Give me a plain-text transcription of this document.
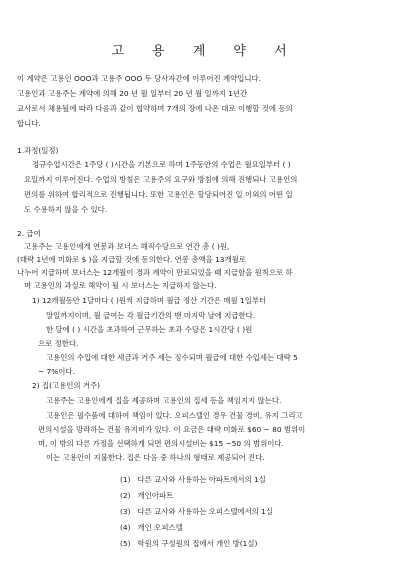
고 용 계 약 서
이 계약은 고용인 OOO과 고용주 OOO 두 당사자간에 이루어진 계약입니다.
고용인과 고용주는 계약에 의해 20 년 월 일부터 20 년 월 일까지 1년간
교사로서 채용될에 따라 다음과 같이 협약하며 7개의 장에 나온 대로 이행할 것에 동의
합니다.
1.과정(일정)
정규수업시간은 1주당 ( )시간을 기본으로 하며 1주동안의 수업은 월요일부터 ( )
요일까지 이루어진다. 수업의 방침은 고용주의 요구와 방침에 의해 진행되나 고용인의
편의를 위하여 합리적으로 진행됩니다. 또한 고용인은 할당되어진 일 이외의 어떤 일
도 수용하지 않을 수 있다.
2. 급여
고용주는 고용인에게 연봉과 보너스 해직수당으로 연간 총 ( )원,
(대략 1년에 미화로 $ )을 지급할 것에 동의한다. 연봉 총액을 13개월로
나누어 지급하며 보너스는 12개월이 경과 계약이 만료되었을 때 지급함을 원칙으로 하
며 고용인의 과실로 해약이 될 시 보너스는 지급하지 않는다.
1) 12개월동안 1달마다 ( )원씩 지급하며 월급 정산 기간은 매월 1일부터
말일까지이며, 월 급여는 각 월급기간의 맨 마지막 날에 지급한다.
한 달에 ( ) 시간을 초과하여 근무하는 초과 수당은 1시간당 ( )원
으로 정한다.
고용인의 수입에 대한 세금과 거주 세는 징수되며 월급에 대한 수입세는 대략 5
~ 7%이다.
2) 집(고용인의 거주)
고용주는 고용인에게 집을 제공하며 고용인의 집세 등을 책임지지 않는다.
고용인은 필수품에 대하여 책임이 있다. 오피스텔인 경우 건물 경비, 유지 그리고
편의시설을 망라하는 건물 유지비가 있다. 이 요금은 대략 미화로 $60 ~ 80 범위이
며, 이 밖의 다른 가정을 선택하게 되면 편의시설비는 $15 ~50 의 범위이다.
이는 고용인이 지불한다. 집은 다음 중 하나의 형태로 제공되어 진다.
(1) 다른 교사와 사용하는 아파트에서의 1실
(2) 개인아파트
(3) 다른 교사와 사용하는 오피스텔에서의 1실
(4) 개인 오피스텔
(5) 학원의 구성원의 집에서 개인 방(1실)
